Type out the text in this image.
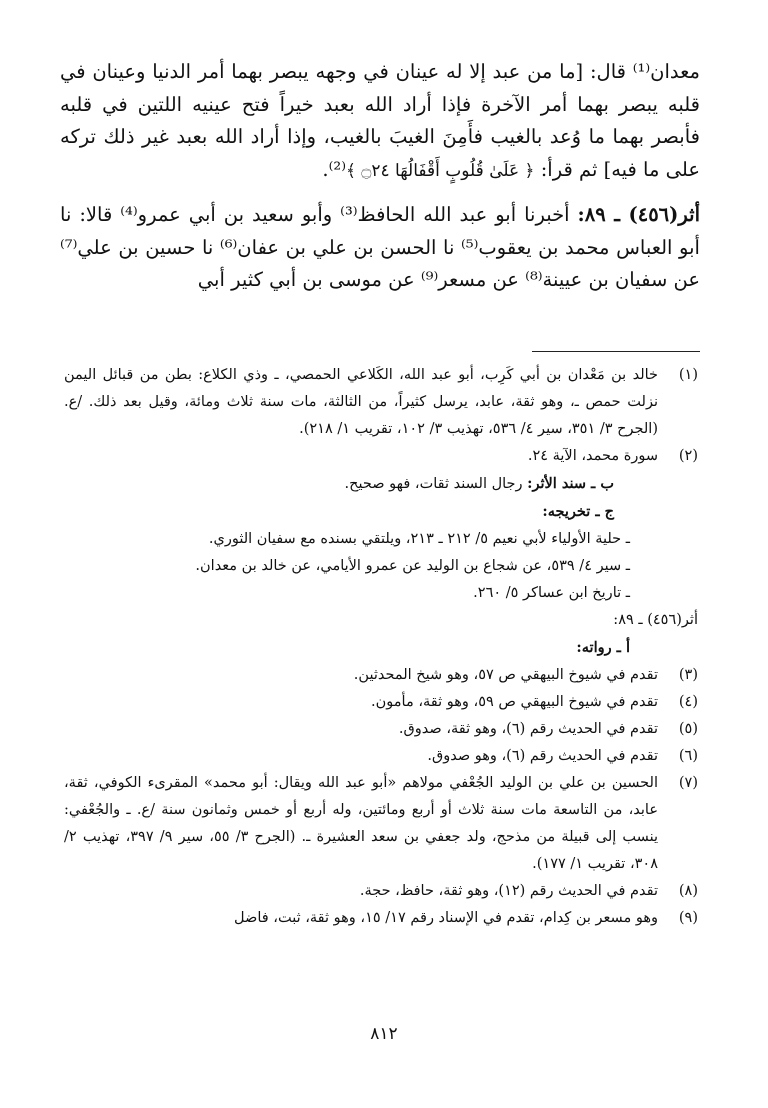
معدان⁽¹⁾ قال: [ما من عبد إلا له عينان في وجهه يبصر بهما أمر الدنيا وعينان في قلبه يبصر بهما أمر الآخرة فإذا أراد الله بعبد خيراً فتح عينيه اللتين في قلبه فأبصر بهما ما وُعد بالغيب فأَمِنَ الغيبَ بالغيب، وإذا أراد الله بعبد غير ذلك تركه على ما فيه] ثم قرأ: ﴿ عَلَىٰ قُلُوبٍ أَقْفَالُهَا ۝٢٤ ﴾⁽²⁾.

أثر(٤٥٦) ـ ٨٩: أخبرنا أبو عبد الله الحافظ⁽³⁾ وأبو سعيد بن أبي عمرو⁽⁴⁾ قالا: نا أبو العباس محمد بن يعقوب⁽⁵⁾ نا الحسن بن علي بن عفان⁽⁶⁾ نا حسين بن علي⁽⁷⁾ عن سفيان بن عيينة⁽⁸⁾ عن مسعر⁽⁹⁾ عن موسى بن أبي كثير أبي

(١)
خالد بن مَعْدان بن أبي كَرِب، أبو عبد الله، الكَلاعي الحمصي، ـ وذي الكلاع: بطن من قبائل اليمن نزلت حمص ـ، وهو ثقة، عابد، يرسل كثيراً، من الثالثة، مات سنة ثلاث ومائة، وقيل بعد ذلك. /ع. (الجرح ٣/ ٣٥١، سير ٤/ ٥٣٦، تهذيب ٣/ ١٠٢، تقريب ١/ ٢١٨).
(٢)
سورة محمد، الآية ٢٤.
ب ـ سند الأثر: رجال السند ثقات، فهو صحيح.
ج ـ تخريجه:
ـ حلية الأولياء لأبي نعيم ٥/ ٢١٢ ـ ٢١٣، ويلتقي بسنده مع سفيان الثوري.
ـ سير ٤/ ٥٣٩، عن شجاع بن الوليد عن عمرو الأيامي، عن خالد بن معدان.
ـ تاريخ ابن عساكر ٥/ ٢٦٠.
أثر(٤٥٦) ـ ٨٩:
أ ـ رواته:
(٣)
تقدم في شيوخ البيهقي ص ٥٧، وهو شيخ المحدثين.
(٤)
تقدم في شيوخ البيهقي ص ٥٩، وهو ثقة، مأمون.
(٥)
تقدم في الحديث رقم (٦)، وهو ثقة، صدوق.
(٦)
تقدم في الحديث رقم (٦)، وهو صدوق.
(٧)
الحسين بن علي بن الوليد الجُعْفي مولاهم «أبو عبد الله ويقال: أبو محمد» المقرىء الكوفي، ثقة، عابد، من التاسعة مات سنة ثلاث أو أربع ومائتين، وله أربع أو خمس وثمانون سنة /ع. ـ والجُعْفي: ينسب إلى قبيلة من مذحج، ولد جعفي بن سعد العشيرة ـ. (الجرح ٣/ ٥٥، سير ٩/ ٣٩٧، تهذيب ٢/ ٣٠٨، تقريب ١/ ١٧٧).
(٨)
تقدم في الحديث رقم (١٢)، وهو ثقة، حافظ، حجة.
(٩)
وهو مسعر بن كِدام، تقدم في الإسناد رقم ١٧/ ١٥، وهو ثقة، ثبت، فاضل
٨١٢
